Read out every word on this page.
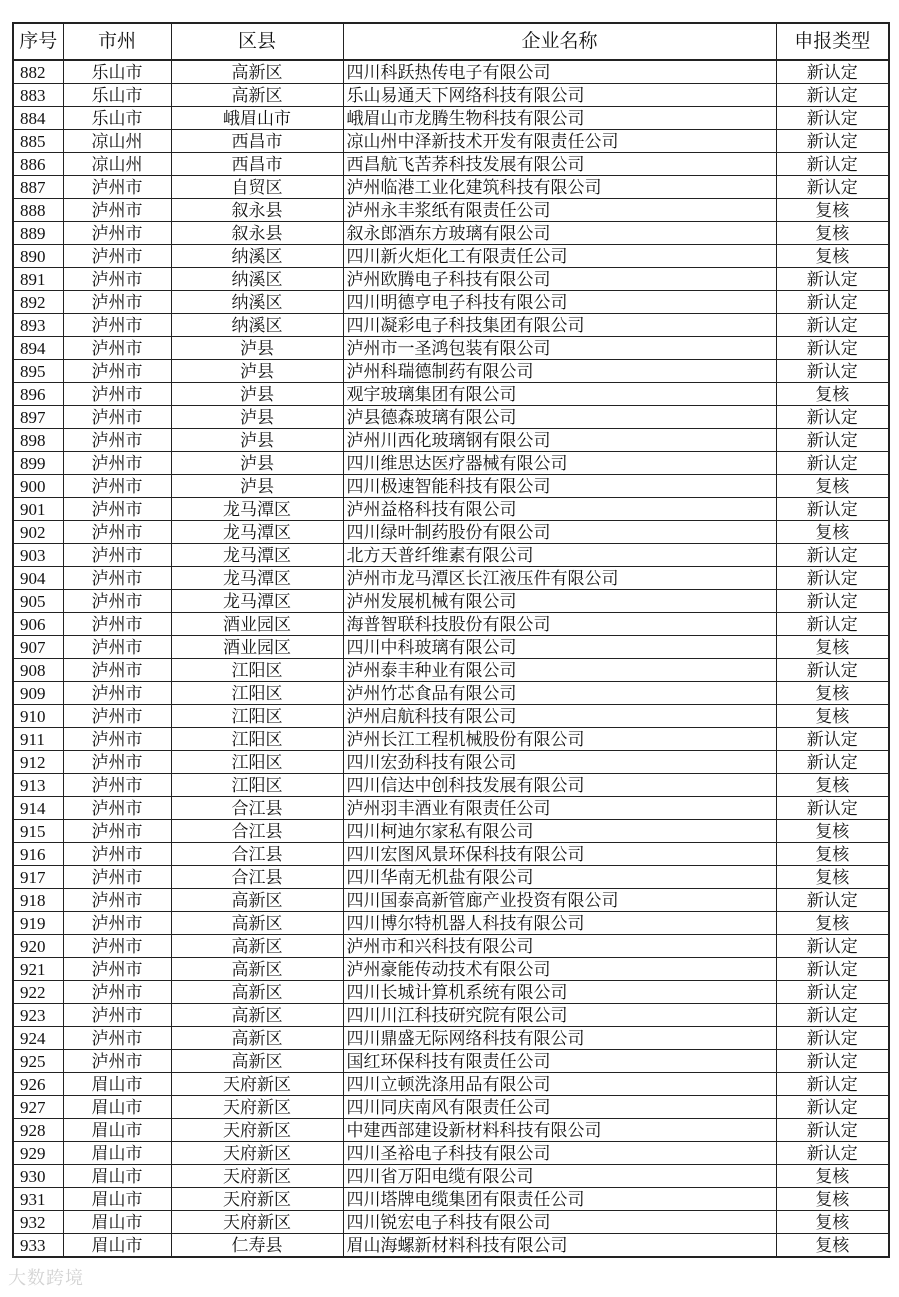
序号	市州	区县	企业名称	申报类型
882	乐山市	高新区	四川科跃热传电子有限公司	新认定
883	乐山市	高新区	乐山易通天下网络科技有限公司	新认定
884	乐山市	峨眉山市	峨眉山市龙腾生物科技有限公司	新认定
885	凉山州	西昌市	凉山州中泽新技术开发有限责任公司	新认定
886	凉山州	西昌市	西昌航飞苦荞科技发展有限公司	新认定
887	泸州市	自贸区	泸州临港工业化建筑科技有限公司	新认定
888	泸州市	叙永县	泸州永丰浆纸有限责任公司	复核
889	泸州市	叙永县	叙永郎酒东方玻璃有限公司	复核
890	泸州市	纳溪区	四川新火炬化工有限责任公司	复核
891	泸州市	纳溪区	泸州欧腾电子科技有限公司	新认定
892	泸州市	纳溪区	四川明德亨电子科技有限公司	新认定
893	泸州市	纳溪区	四川凝彩电子科技集团有限公司	新认定
894	泸州市	泸县	泸州市一圣鸿包装有限公司	新认定
895	泸州市	泸县	泸州科瑞德制药有限公司	新认定
896	泸州市	泸县	观宇玻璃集团有限公司	复核
897	泸州市	泸县	泸县德森玻璃有限公司	新认定
898	泸州市	泸县	泸州川西化玻璃钢有限公司	新认定
899	泸州市	泸县	四川维思达医疗器械有限公司	新认定
900	泸州市	泸县	四川极速智能科技有限公司	复核
901	泸州市	龙马潭区	泸州益格科技有限公司	新认定
902	泸州市	龙马潭区	四川绿叶制药股份有限公司	复核
903	泸州市	龙马潭区	北方天普纤维素有限公司	新认定
904	泸州市	龙马潭区	泸州市龙马潭区长江液压件有限公司	新认定
905	泸州市	龙马潭区	泸州发展机械有限公司	新认定
906	泸州市	酒业园区	海普智联科技股份有限公司	新认定
907	泸州市	酒业园区	四川中科玻璃有限公司	复核
908	泸州市	江阳区	泸州泰丰种业有限公司	新认定
909	泸州市	江阳区	泸州竹芯食品有限公司	复核
910	泸州市	江阳区	泸州启航科技有限公司	复核
911	泸州市	江阳区	泸州长江工程机械股份有限公司	新认定
912	泸州市	江阳区	四川宏劲科技有限公司	新认定
913	泸州市	江阳区	四川信达中创科技发展有限公司	复核
914	泸州市	合江县	泸州羽丰酒业有限责任公司	新认定
915	泸州市	合江县	四川柯迪尔家私有限公司	复核
916	泸州市	合江县	四川宏图风景环保科技有限公司	复核
917	泸州市	合江县	四川华南无机盐有限公司	复核
918	泸州市	高新区	四川国泰高新管廊产业投资有限公司	新认定
919	泸州市	高新区	四川博尔特机器人科技有限公司	复核
920	泸州市	高新区	泸州市和兴科技有限公司	新认定
921	泸州市	高新区	泸州豪能传动技术有限公司	新认定
922	泸州市	高新区	四川长城计算机系统有限公司	新认定
923	泸州市	高新区	四川川江科技研究院有限公司	新认定
924	泸州市	高新区	四川鼎盛无际网络科技有限公司	新认定
925	泸州市	高新区	国红环保科技有限责任公司	新认定
926	眉山市	天府新区	四川立顿洗涤用品有限公司	新认定
927	眉山市	天府新区	四川同庆南风有限责任公司	新认定
928	眉山市	天府新区	中建西部建设新材料科技有限公司	新认定
929	眉山市	天府新区	四川圣裕电子科技有限公司	新认定
930	眉山市	天府新区	四川省万阳电缆有限公司	复核
931	眉山市	天府新区	四川塔牌电缆集团有限责任公司	复核
932	眉山市	天府新区	四川锐宏电子科技有限公司	复核
933	眉山市	仁寿县	眉山海螺新材料科技有限公司	复核
大数跨境
